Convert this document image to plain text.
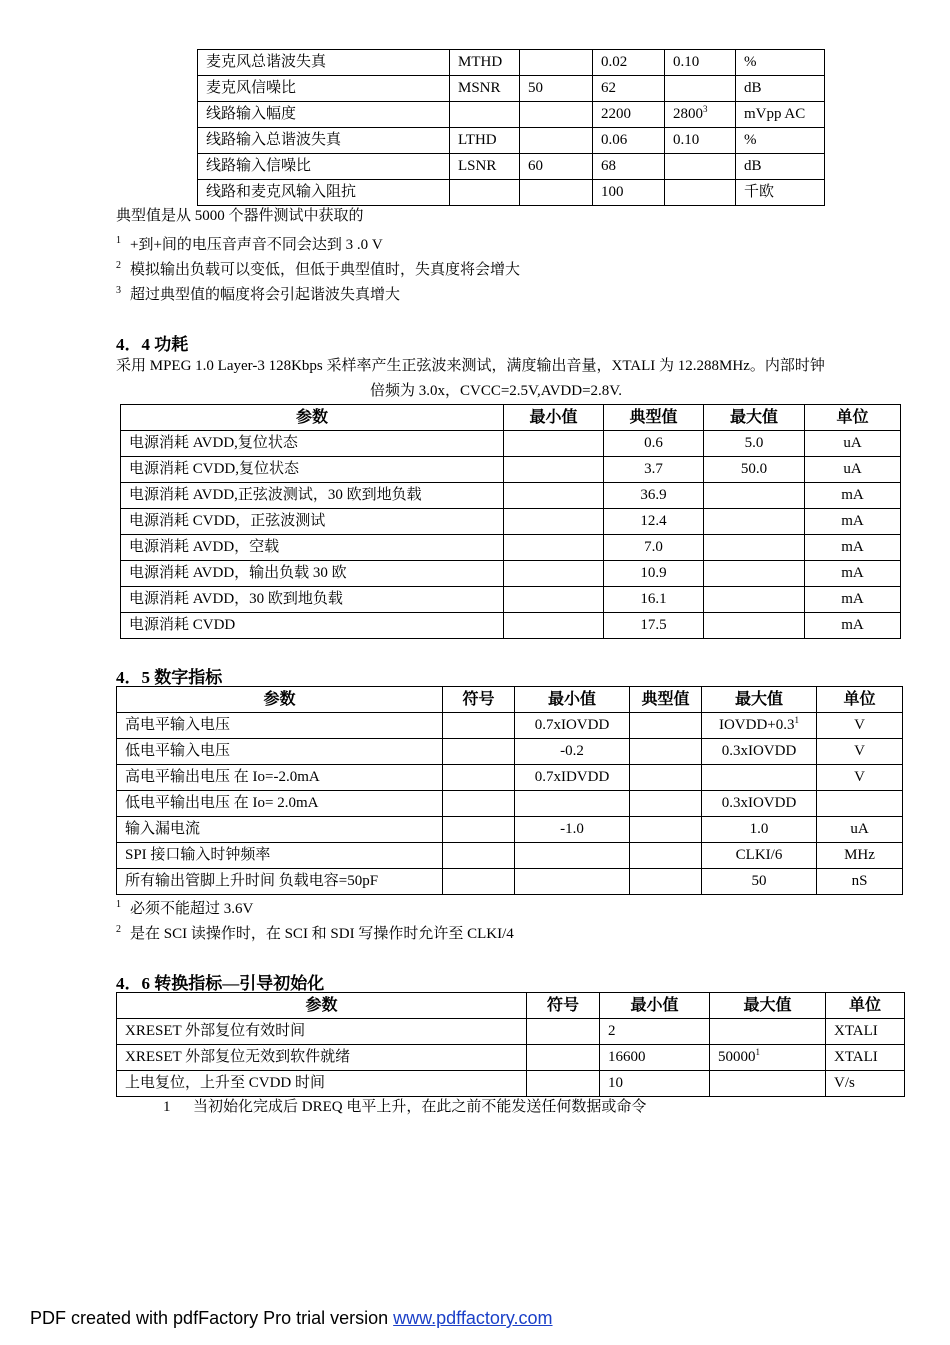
麦克风总谐波失真	MTHD		0.02	0.10	%
麦克风信噪比	MSNR	50	62		dB
线路输入幅度			2200	2800$^3$	mVpp AC
线路输入总谐波失真	LTHD		0.06	0.10	%
线路输入信噪比	LSNR	60	68		dB
线路和麦克风输入阻抗			100		千欧
典型值是从 5000 个器件测试中获取的
1 +到+间的电压音声音不同会达到 3 .0 V
2 模拟输出负载可以变低，但低于典型值时，失真度将会增大
3 超过典型值的幅度将会引起谐波失真增大
4．4 功耗
采用 MPEG 1.0 Layer-3 128Kbps 采样率产生正弦波来测试，满度输出音量，XTALI 为 12.288MHz。内部时钟
倍频为 3.0x，CVCC=2.5V,AVDD=2.8V.
参数	最小值	典型值	最大值	单位
电源消耗 AVDD,复位状态		0.6	5.0	uA
电源消耗 CVDD,复位状态		3.7	50.0	uA
电源消耗 AVDD,正弦波测试，30 欧到地负载		36.9		mA
电源消耗 CVDD，正弦波测试		12.4		mA
电源消耗 AVDD，空载		7.0		mA
电源消耗 AVDD，输出负载 30 欧		10.9		mA
电源消耗 AVDD，30 欧到地负载		16.1		mA
电源消耗 CVDD		17.5		mA
4．5 数字指标
参数	符号	最小值	典型值	最大值	单位
高电平输入电压		0.7xIOVDD		$IOVDD+0.3^1$	V
低电平输入电压		-0.2		0.3xIOVDD	V
高电平输出电压 在 Io=-2.0mA		0.7xIDVDD			V
低电平输出电压 在 Io= 2.0mA				0.3xIOVDD	
输入漏电流		-1.0		1.0	uA
SPI 接口输入时钟频率				CLKI/6	MHz
所有输出管脚上升时间 负载电容=50pF				50	nS
1 必须不能超过 3.6V
2 是在 SCI 读操作时，在 SCI 和 SDI 写操作时允许至 CLKI/4
4．6 转换指标—引导初始化
参数	符号	最小值	最大值	单位
XRESET 外部复位有效时间		2		XTALI
XRESET 外部复位无效到软件就绪		16600	50000$^1$	XTALI
上电复位，上升至 CVDD 时间		10		V/s
1 当初始化完成后 DREQ 电平上升，在此之前不能发送任何数据或命令
PDF created with pdfFactory Pro trial version www.pdffactory.com
